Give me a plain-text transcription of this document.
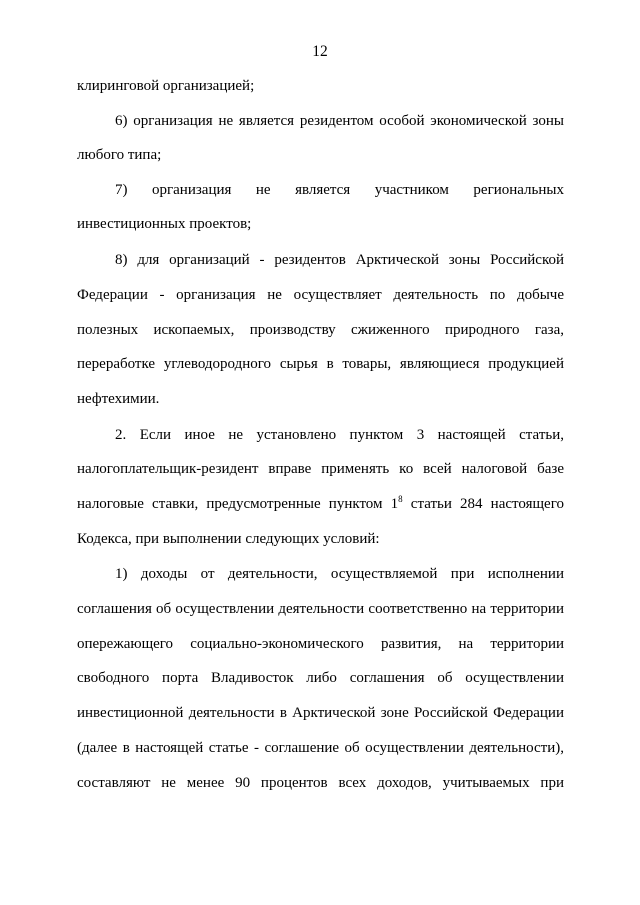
12
клиринговой организацией;
6) организация не является резидентом особой экономической зоны
любого типа;
7) организация не является участником региональных
инвестиционных проектов;
8) для организаций - резидентов Арктической зоны Российской
Федерации - организация не осуществляет деятельность по добыче
полезных ископаемых, производству сжиженного природного газа,
переработке углеводородного сырья в товары, являющиеся продукцией
нефтехимии.
2. Если иное не установлено пунктом 3 настоящей статьи,
налогоплательщик-резидент вправе применять ко всей налоговой базе
налоговые ставки, предусмотренные пунктом $1^8$ статьи 284 настоящего
Кодекса, при выполнении следующих условий:
1) доходы от деятельности, осуществляемой при исполнении
соглашения об осуществлении деятельности соответственно на территории
опережающего социально-экономического развития, на территории
свободного порта Владивосток либо соглашения об осуществлении
инвестиционной деятельности в Арктической зоне Российской Федерации
(далее в настоящей статье - соглашение об осуществлении деятельности),
составляют не менее 90 процентов всех доходов, учитываемых при
